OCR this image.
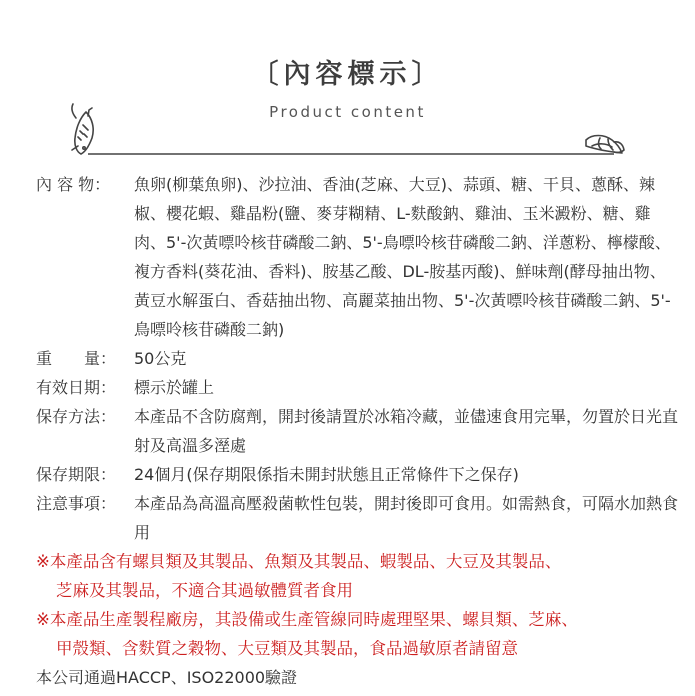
〔內容標示〕
Product content
內 容 物：	魚卵(柳葉魚卵)、沙拉油、香油(芝麻、大豆)、蒜頭、糖、干貝、蔥酥、辣椒、櫻花蝦、雞晶粉(鹽、麥芽糊精、L-麩酸鈉、雞油、玉米澱粉、糖、雞肉、5'-次黃嘌呤核苷磷酸二鈉、5'-鳥嘌呤核苷磷酸二鈉、洋蔥粉、檸檬酸、複方香料(葵花油、香料)、胺基乙酸、DL-胺基丙酸)、鮮味劑(酵母抽出物、黃豆水解蛋白、香菇抽出物、高麗菜抽出物、5'-次黃嘌呤核苷磷酸二鈉、5'-鳥嘌呤核苷磷酸二鈉)
重　　量：	50公克
有效日期：	標示於罐上
保存方法：	本產品不含防腐劑，開封後請置於冰箱冷藏，並儘速食用完畢，勿置於日光直射及高溫多溼處
保存期限：	24個月(保存期限係指未開封狀態且正常條件下之保存)
注意事項：	本產品為高溫高壓殺菌軟性包裝，開封後即可食用。如需熱食，可隔水加熱食用
※本產品含有螺貝類及其製品、魚類及其製品、蝦製品、大豆及其製品、
芝麻及其製品，不適合其過敏體質者食用
※本產品生產製程廠房，其設備或生產管線同時處理堅果、螺貝類、芝麻、
甲殼類、含麩質之穀物、大豆類及其製品，食品過敏原者請留意
本公司通過HACCP、ISO22000驗證
